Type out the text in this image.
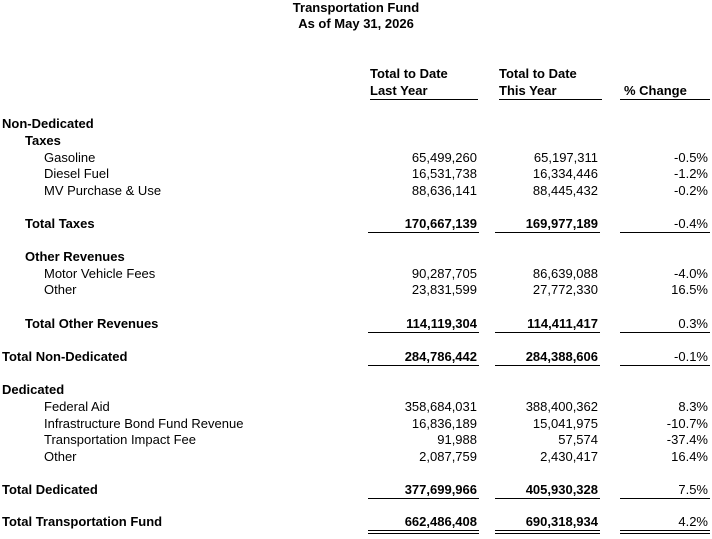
Transportation Fund
As of May 31, 2026
Total to Date
Last Year
Total to Date
This Year	% Change
Non-Dedicated
Taxes
Gasoline	65,499,260	65,197,311	-0.5%
Diesel Fuel	16,531,738	16,334,446	-1.2%
MV Purchase & Use	88,636,141	88,445,432	-0.2%
Total Taxes	170,667,139	169,977,189	-0.4%
Other Revenues
Motor Vehicle Fees	90,287,705	86,639,088	-4.0%
Other	23,831,599	27,772,330	16.5%
Total Other Revenues	114,119,304	114,411,417	0.3%
Total Non-Dedicated	284,786,442	284,388,606	-0.1%
Dedicated
Federal Aid	358,684,031	388,400,362	8.3%
Infrastructure Bond Fund Revenue	16,836,189	15,041,975	-10.7%
Transportation Impact Fee	91,988	57,574	-37.4%
Other	2,087,759	2,430,417	16.4%
Total Dedicated	377,699,966	405,930,328	7.5%
Total Transportation Fund	662,486,408	690,318,934	4.2%
